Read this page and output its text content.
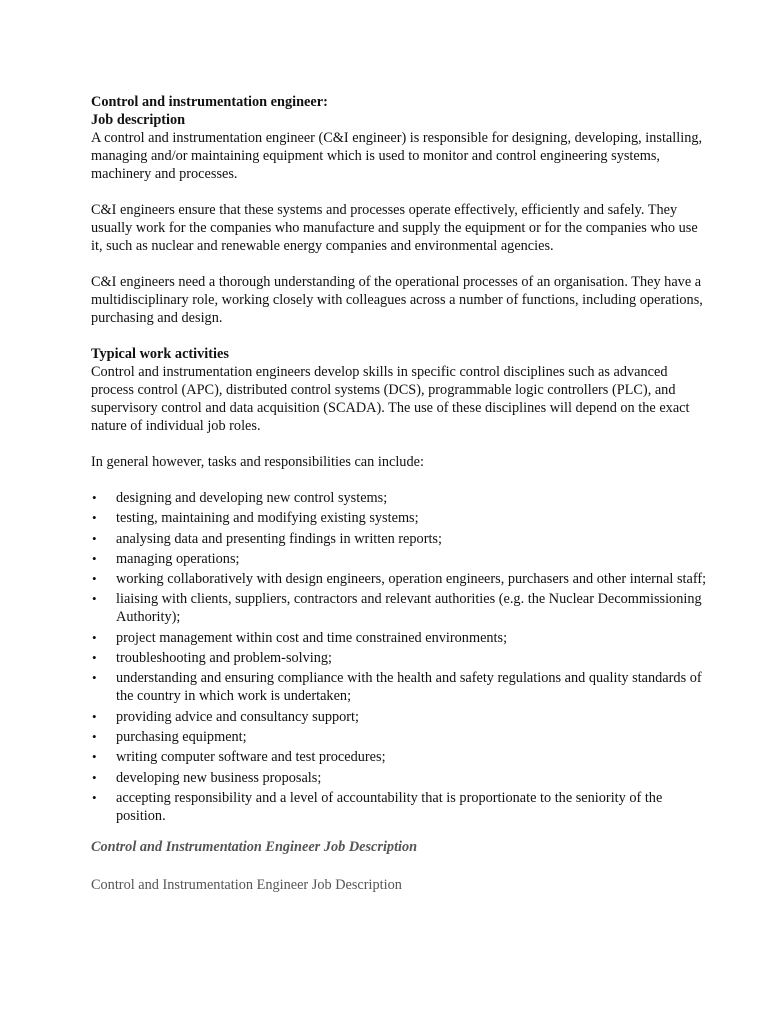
Control and instrumentation engineer:

Job description

A control and instrumentation engineer (C&I engineer) is responsible for designing, developing, installing, managing and/or maintaining equipment which is used to monitor and control engineering systems, machinery and processes.

C&I engineers ensure that these systems and processes operate effectively, efficiently and safely. They usually work for the companies who manufacture and supply the equipment or for the companies who use it, such as nuclear and renewable energy companies and environmental agencies.

C&I engineers need a thorough understanding of the operational processes of an organisation. They have a multidisciplinary role, working closely with colleagues across a number of functions, including operations, purchasing and design.

Typical work activities

Control and instrumentation engineers develop skills in specific control disciplines such as advanced process control (APC), distributed control systems (DCS), programmable logic controllers (PLC), and supervisory control and data acquisition (SCADA). The use of these disciplines will depend on the exact nature of individual job roles.

In general however, tasks and responsibilities can include:

• designing and developing new control systems;
• testing, maintaining and modifying existing systems;
• analysing data and presenting findings in written reports;
• managing operations;
• working collaboratively with design engineers, operation engineers, purchasers and other internal staff;
• liaising with clients, suppliers, contractors and relevant authorities (e.g. the Nuclear Decommissioning Authority);
• project management within cost and time constrained environments;
• troubleshooting and problem-solving;
• understanding and ensuring compliance with the health and safety regulations and quality standards of the country in which work is undertaken;
• providing advice and consultancy support;
• purchasing equipment;
• writing computer software and test procedures;
• developing new business proposals;
• accepting responsibility and a level of accountability that is proportionate to the seniority of the position.

Control and Instrumentation Engineer Job Description

Control and Instrumentation Engineer Job Description
